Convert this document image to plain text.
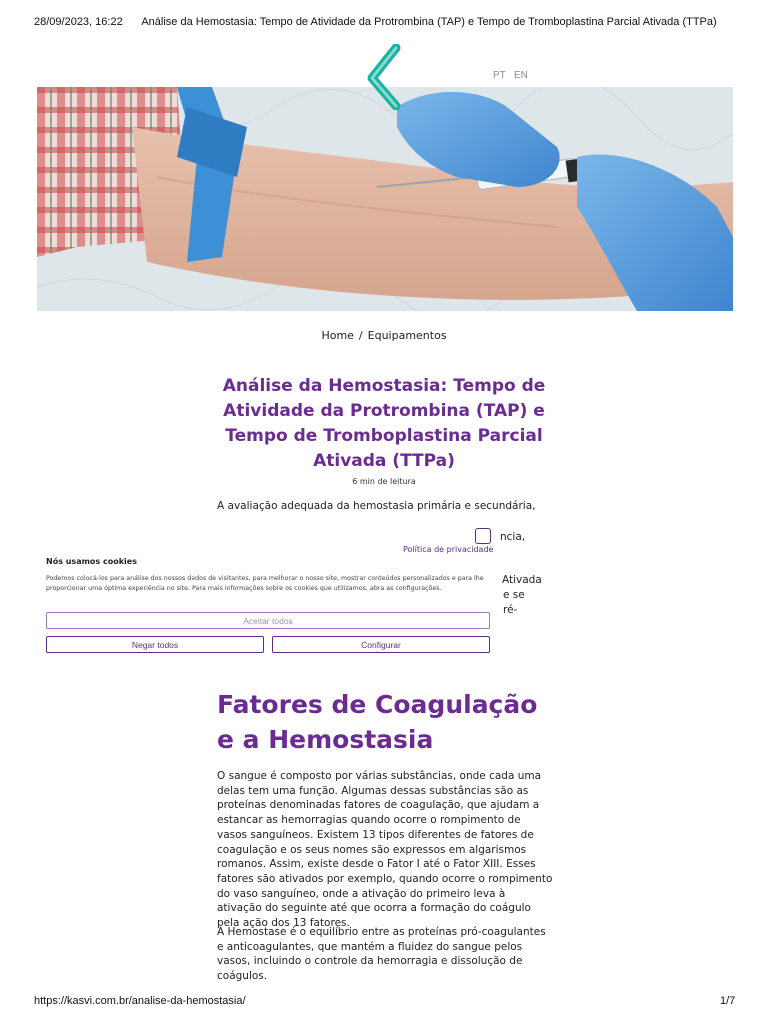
28/09/2023, 16:22	Análise da Hemostasia: Tempo de Atividade da Protrombina (TAP) e Tempo de Tromboplastina Parcial Ativada (TTPa)
PT EN
Home / Equipamentos
Análise da Hemostasia: Tempo de Atividade da Protrombina (TAP) e Tempo de Tromboplastina Parcial Ativada (TTPa)
6 min de leitura
A avaliação adequada da hemostasia primária e secundária,
ncia,
Ativada
e se
ré-
Política de privacidade
Nós usamos cookies
Podemos colocá-los para análise dos nossos dados de visitantes, para melhorar o nosso site, mostrar conteúdos personalizados e para lhe proporcionar uma óptima experiência no site. Para mais informações sobre os cookies que utilizamos, abra as configurações.
Aceitar todos
Negar todos	Configurar
Fatores de Coagulação e a Hemostasia
O sangue é composto por várias substâncias, onde cada uma delas tem uma função. Algumas dessas substâncias são as proteínas denominadas fatores de coagulação, que ajudam a estancar as hemorragias quando ocorre o rompimento de vasos sanguíneos. Existem 13 tipos diferentes de fatores de coagulação e os seus nomes são expressos em algarismos romanos. Assim, existe desde o Fator I até o Fator XIII. Esses fatores são ativados por exemplo, quando ocorre o rompimento do vaso sanguíneo, onde a ativação do primeiro leva à ativação do seguinte até que ocorra a formação do coágulo pela ação dos 13 fatores.
A Hemostase é o equilíbrio entre as proteínas pró-coagulantes e anticoagulantes, que mantém a fluidez do sangue pelos vasos, incluindo o controle da hemorragia e dissolução de coágulos.
https://kasvi.com.br/analise-da-hemostasia/	1/7
